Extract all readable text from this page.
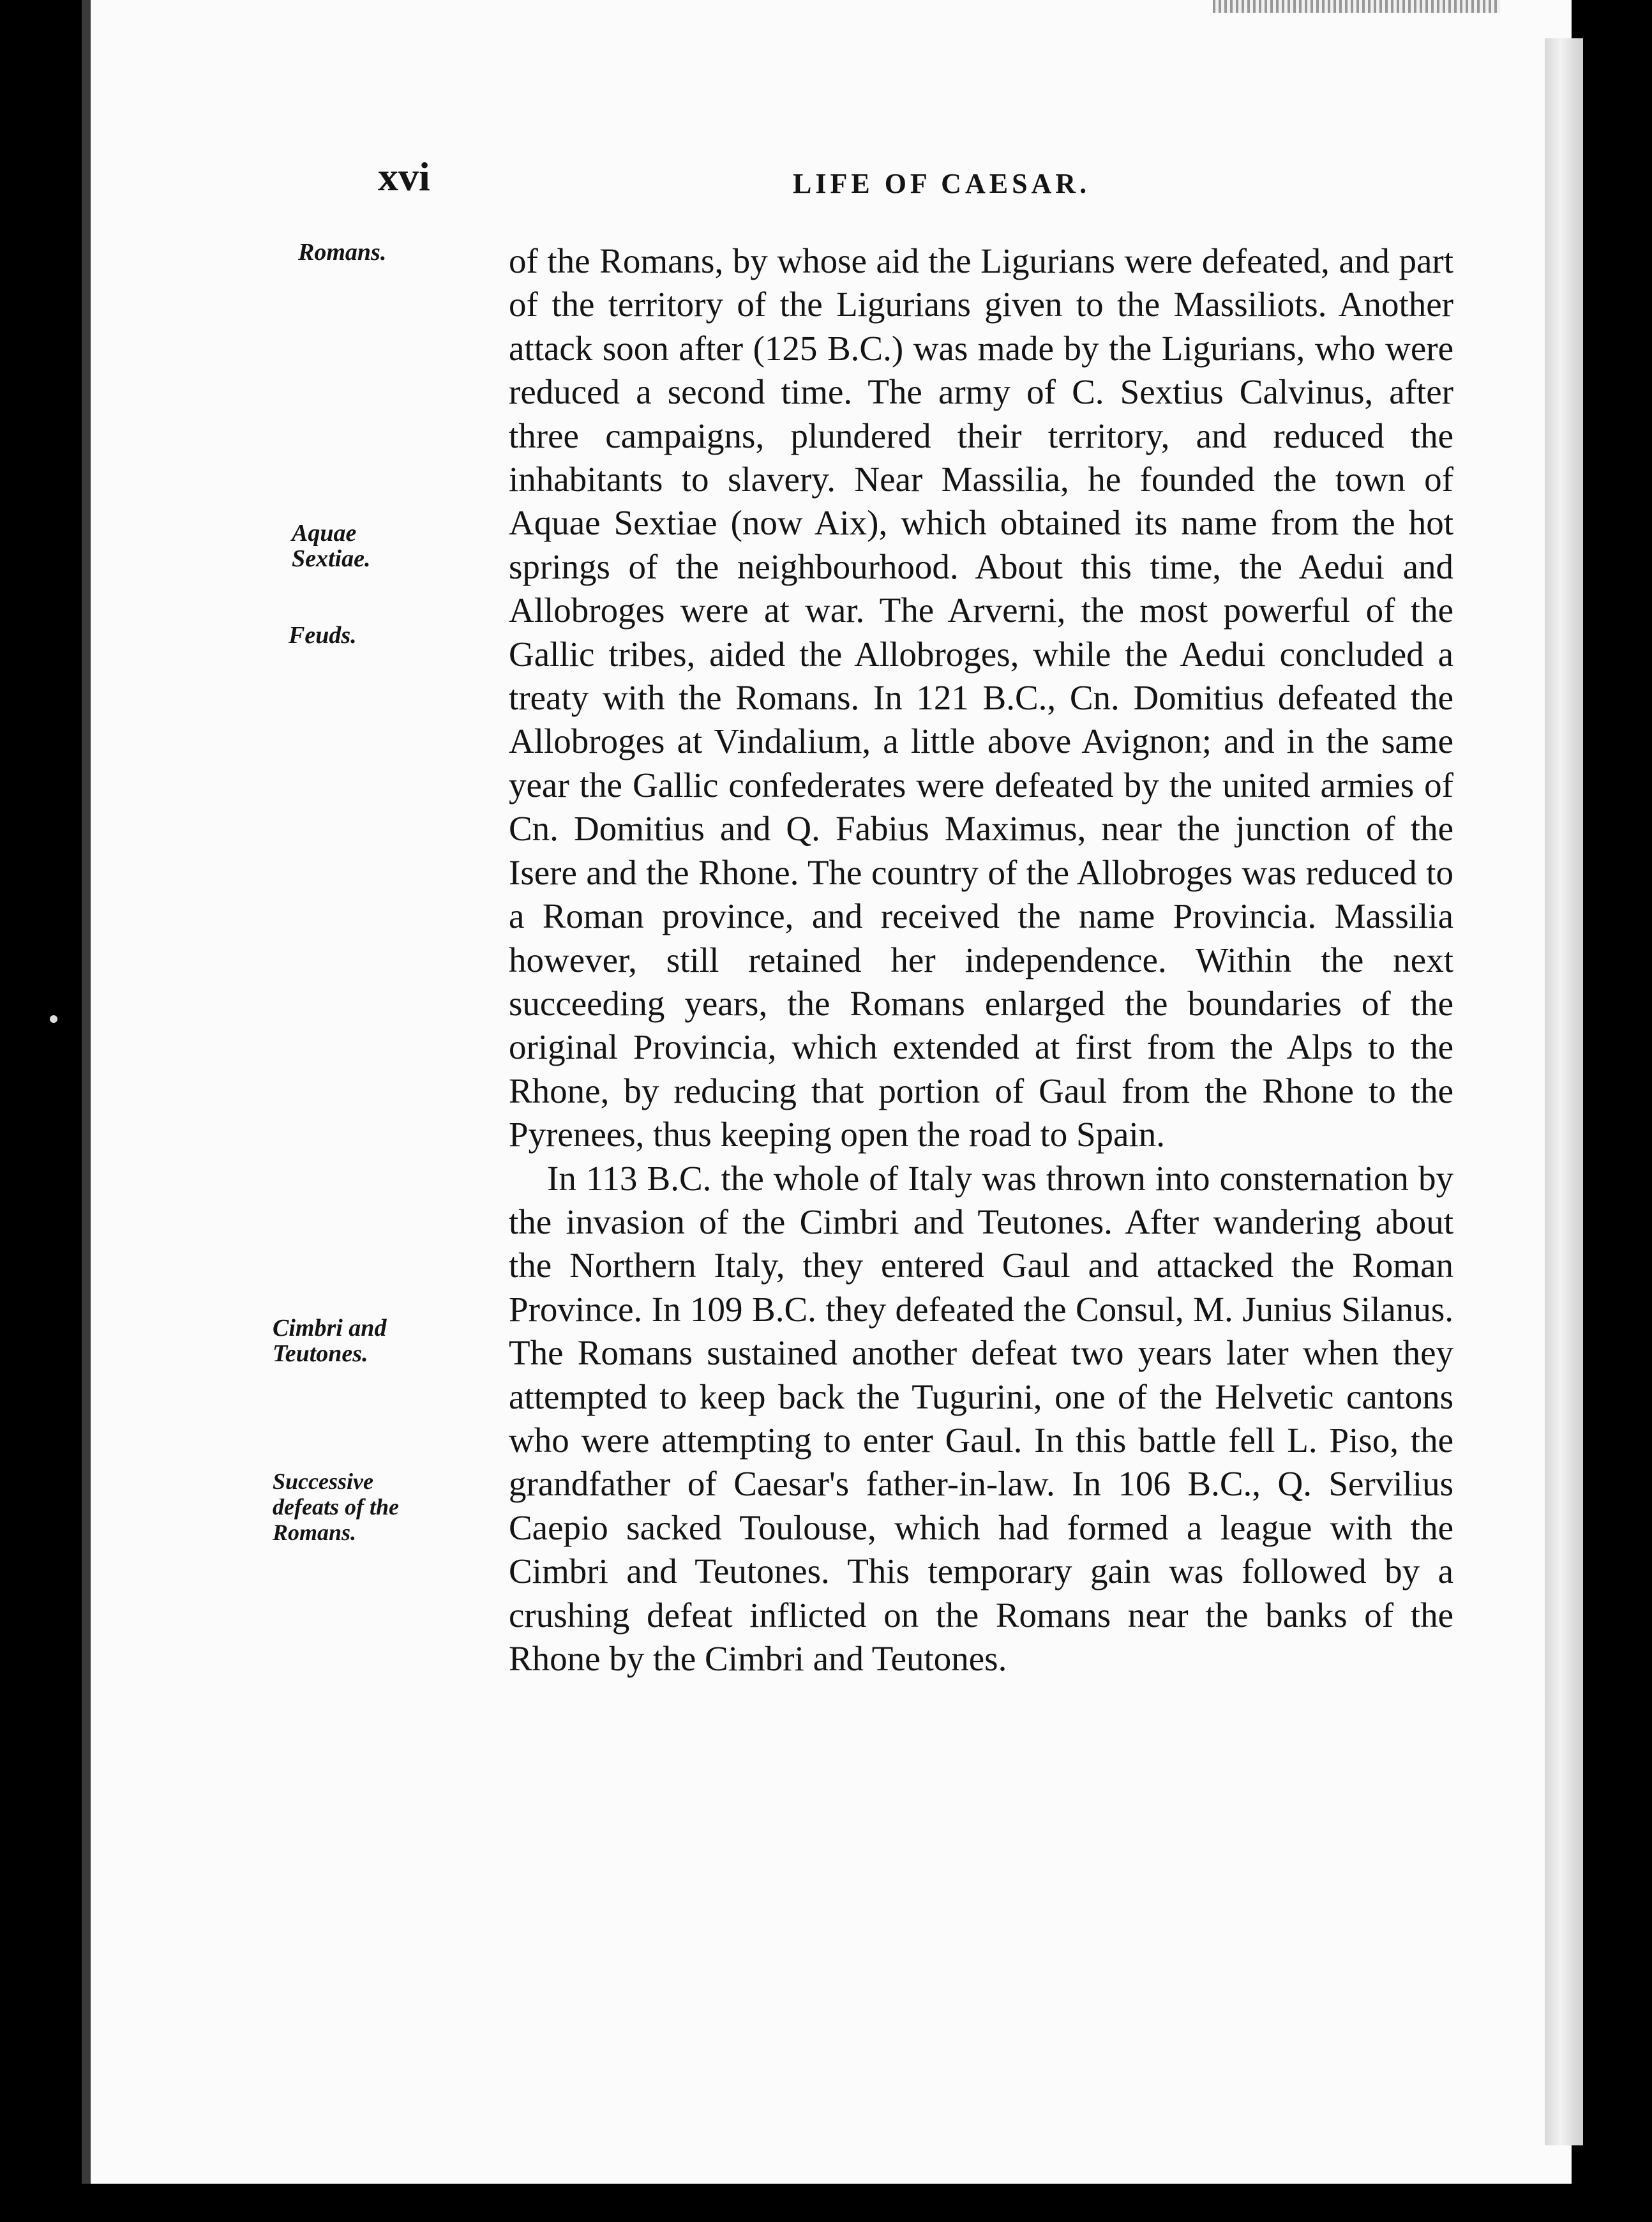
xvi	LIFE OF CAESAR.
Romans.
Aquae Sextiae.
Feuds.
Cimbri and Teutones.
Successive defeats of the Romans.

of the Romans, by whose aid the Ligurians were defeated, and part of the territory of the Ligurians given to the Massiliots. Another attack soon after (125 B.C.) was made by the Ligurians, who were reduced a second time. The army of C. Sextius Calvinus, after three campaigns, plundered their territory, and reduced the inhabitants to slavery. Near Massilia, he founded the town of Aquae Sextiae (now Aix), which obtained its name from the hot springs of the neighbourhood. About this time, the Aedui and Allobroges were at war. The Arverni, the most powerful of the Gallic tribes, aided the Allobroges, while the Aedui concluded a treaty with the Romans. In 121 B.C., Cn. Domitius defeated the Allobroges at Vindalium, a little above Avignon; and in the same year the Gallic confederates were defeated by the united armies of Cn. Domitius and Q. Fabius Maximus, near the junction of the Isere and the Rhone. The country of the Allobroges was reduced to a Roman province, and received the name Provincia. Massilia however, still retained her independence. Within the next succeeding years, the Romans enlarged the boundaries of the original Provincia, which extended at first from the Alps to the Rhone, by reducing that portion of Gaul from the Rhone to the Pyrenees, thus keeping open the road to Spain.

In 113 B.C. the whole of Italy was thrown into consternation by the invasion of the Cimbri and Teutones. After wandering about the Northern Italy, they entered Gaul and attacked the Roman Province. In 109 B.C. they defeated the Consul, M. Junius Silanus. The Romans sustained another defeat two years later when they attempted to keep back the Tugurini, one of the Helvetic cantons who were attempting to enter Gaul. In this battle fell L. Piso, the grandfather of Caesar's father-in-law. In 106 B.C., Q. Servilius Caepio sacked Toulouse, which had formed a league with the Cimbri and Teutones. This temporary gain was followed by a crushing defeat inflicted on the Romans near the banks of the Rhone by the Cimbri and Teutones.
